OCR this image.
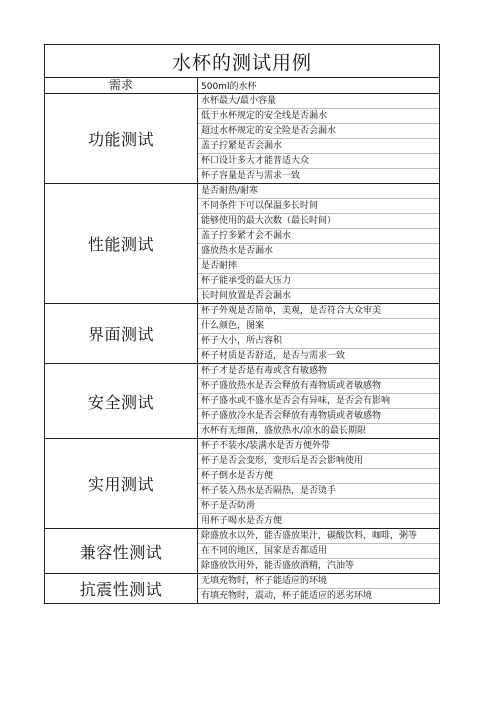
水杯的测试用例
需求	500ml的水杯
功能测试
水杯最大/最小容量
低于水杯规定的安全线是否漏水
超过水杯规定的安全险是否会漏水
盖子拧紧是否会漏水
杯口设计多大才能普适大众
杯子容量是否与需求一致
性能测试
是否耐热/耐寒
不同条件下可以保温多长时间
能够使用的最大次数（最长时间）
盖子拧多紧才会不漏水
盛放热水是否漏水
是否耐摔
杯子能承受的最大压力
长时间放置是否会漏水
界面测试
杯子外观是否简单，美观，是否符合大众审美
什么颜色，图案
杯子大小，所占容积
杯子材质是否舒适，是否与需求一致
安全测试
杯子才是否是有毒或含有敏感物
杯子盛放热水是否会释放有毒物质或者敏感物
杯子盛水或不盛水是否会有异味，是否会有影响
杯子盛放冷水是否会释放有毒物质或者敏感物
水杯有无细菌，盛放热水/凉水的最长期限
实用测试
杯子不装水/装满水是否方便外带
杯子是否会变形，变形后是否会影响使用
杯子倒水是否方便
杯子装入热水是否隔热，是否烫手
杯子是否防滑
用杯子喝水是否方便
兼容性测试
除盛放水以外，能否盛放果汁，碳酸饮料，咖啡，粥等
在不同的地区，国家是否都适用
除盛放饮用外，能否盛放酒精，汽油等
抗震性测试	无填充物时，杯子能适应的环境
有填充物时，震动，杯子能适应的恶劣环境
